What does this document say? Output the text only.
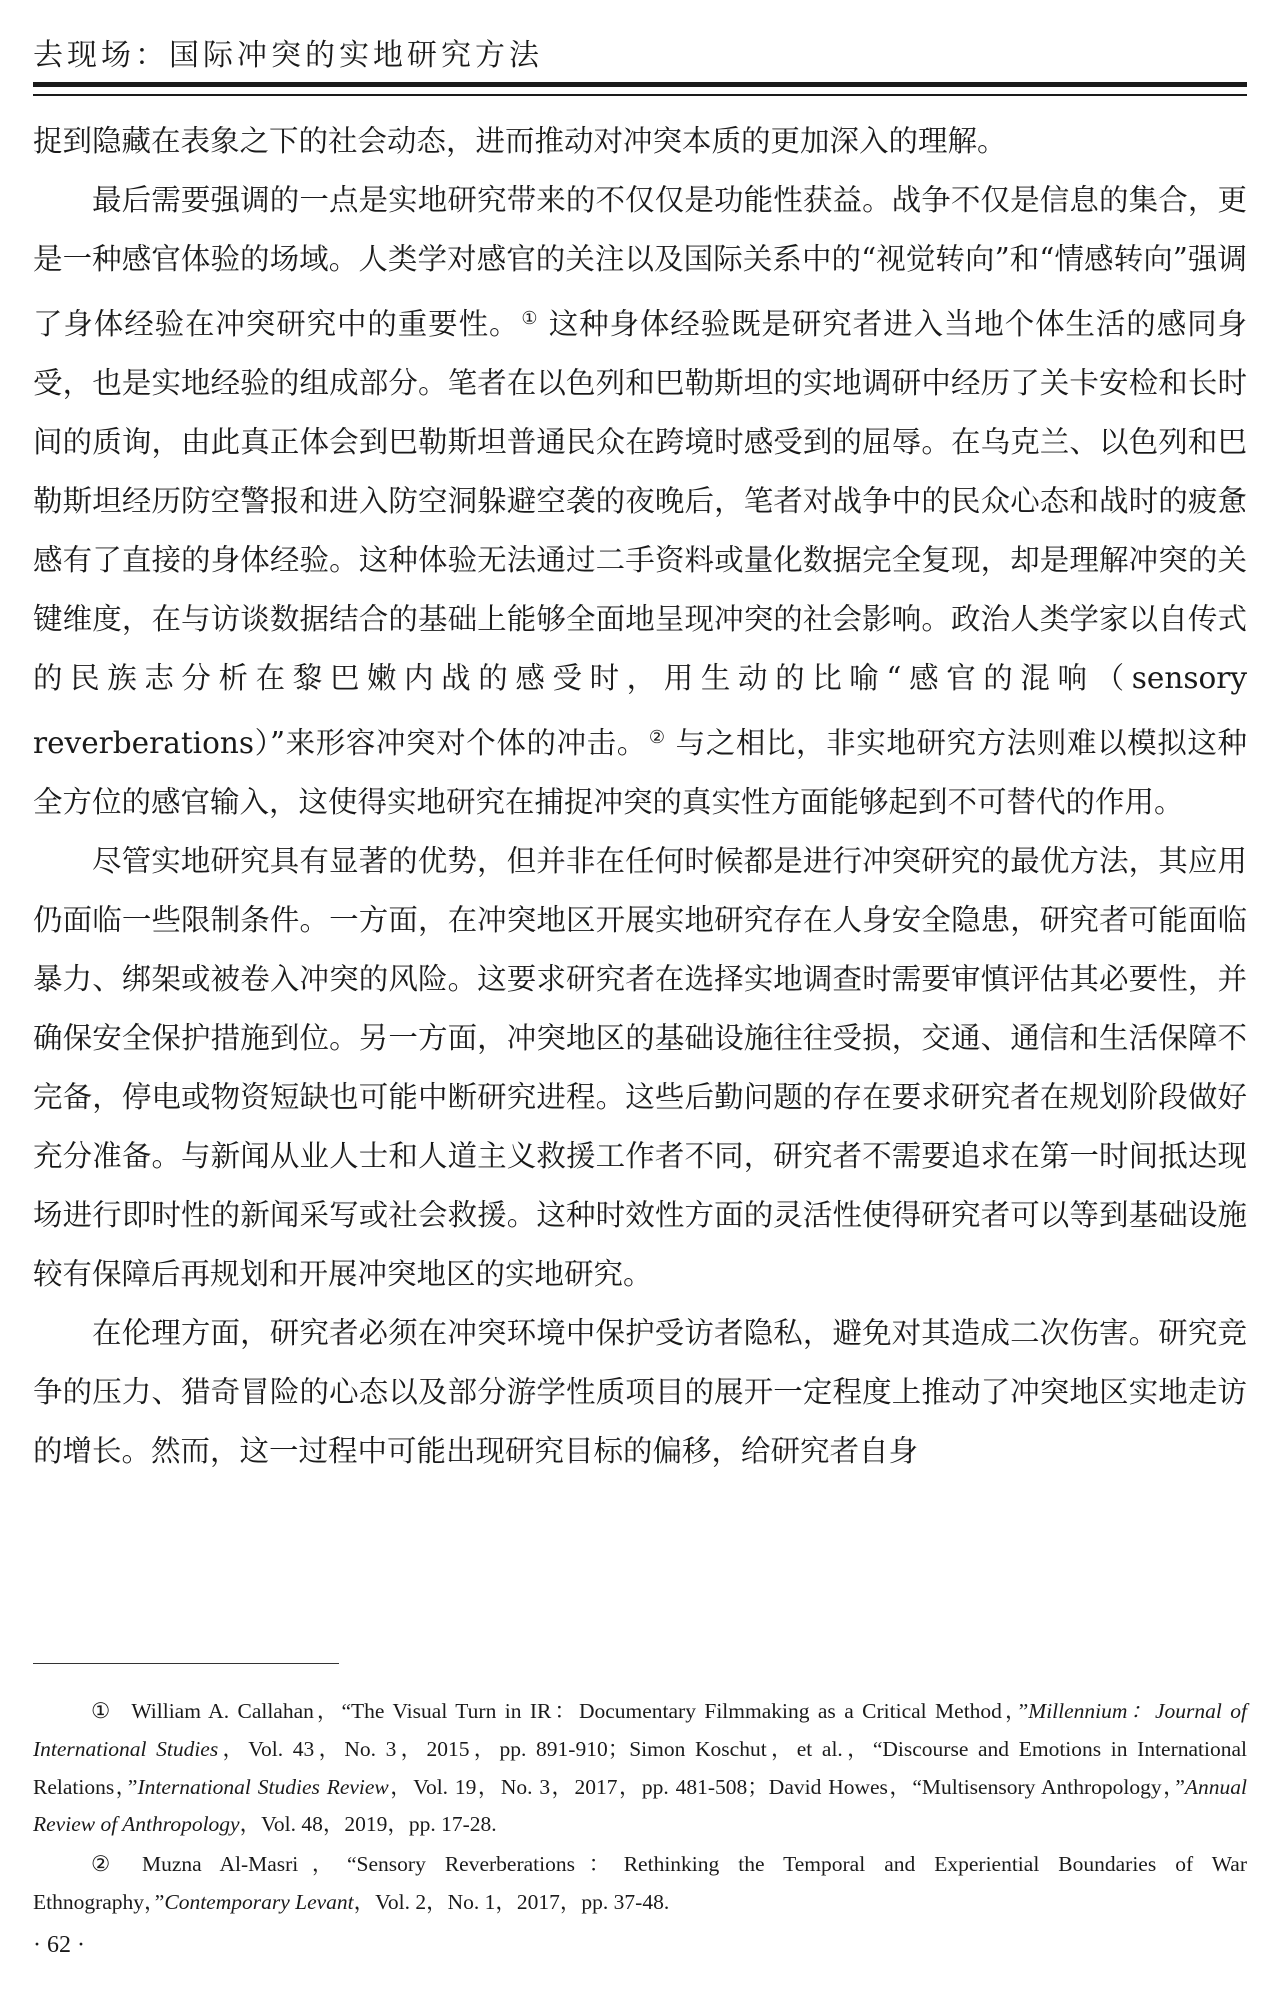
去现场：国际冲突的实地研究方法

捉到隐藏在表象之下的社会动态，进而推动对冲突本质的更加深入的理解。

最后需要强调的一点是实地研究带来的不仅仅是功能性获益。战争不仅是信息的集合，更是一种感官体验的场域。人类学对感官的关注以及国际关系中的“视觉转向”和“情感转向”强调了身体经验在冲突研究中的重要性。 ① 这种身体经验既是研究者进入当地个体生活的感同身受，也是实地经验的组成部分。笔者在以色列和巴勒斯坦的实地调研中经历了关卡安检和长时间的质询，由此真正体会到巴勒斯坦普通民众在跨境时感受到的屈辱。在乌克兰、以色列和巴勒斯坦经历防空警报和进入防空洞躲避空袭的夜晚后，笔者对战争中的民众心态和战时的疲惫感有了直接的身体经验。这种体验无法通过二手资料或量化数据完全复现，却是理解冲突的关键维度，在与访谈数据结合的基础上能够全面地呈现冲突的社会影响。政治人类学家以自传式的民族志分析在黎巴嫩内战的感受时，用生动的比喻“感官的混响（sensory reverberations）”来形容冲突对个体的冲击。 ② 与之相比，非实地研究方法则难以模拟这种全方位的感官输入，这使得实地研究在捕捉冲突的真实性方面能够起到不可替代的作用。

尽管实地研究具有显著的优势，但并非在任何时候都是进行冲突研究的最优方法，其应用仍面临一些限制条件。一方面，在冲突地区开展实地研究存在人身安全隐患，研究者可能面临暴力、绑架或被卷入冲突的风险。这要求研究者在选择实地调查时需要审慎评估其必要性，并确保安全保护措施到位。另一方面，冲突地区的基础设施往往受损，交通、通信和生活保障不完备，停电或物资短缺也可能中断研究进程。这些后勤问题的存在要求研究者在规划阶段做好充分准备。与新闻从业人士和人道主义救援工作者不同，研究者不需要追求在第一时间抵达现场进行即时性的新闻采写或社会救援。这种时效性方面的灵活性使得研究者可以等到基础设施较有保障后再规划和开展冲突地区的实地研究。

在伦理方面，研究者必须在冲突环境中保护受访者隐私，避免对其造成二次伤害。研究竞争的压力、猎奇冒险的心态以及部分游学性质项目的展开一定程度上推动了冲突地区实地走访的增长。然而，这一过程中可能出现研究目标的偏移，给研究者自身

① William A. Callahan，“The Visual Turn in IR：Documentary Filmmaking as a Critical Method，”Millennium：Journal of International Studies，Vol. 43，No. 3，2015，pp. 891-910；Simon Koschut，et al.，“Discourse and Emotions in International Relations，”International Studies Review，Vol. 19，No. 3，2017，pp. 481-508；David Howes，“Multisensory Anthropology，”Annual Review of Anthropology，Vol. 48，2019，pp. 17-28.

② Muzna Al-Masri，“Sensory Reverberations：Rethinking the Temporal and Experiential Boundaries of War Ethnography，”Contemporary Levant，Vol. 2，No. 1，2017，pp. 37-48.

· 62 ·
